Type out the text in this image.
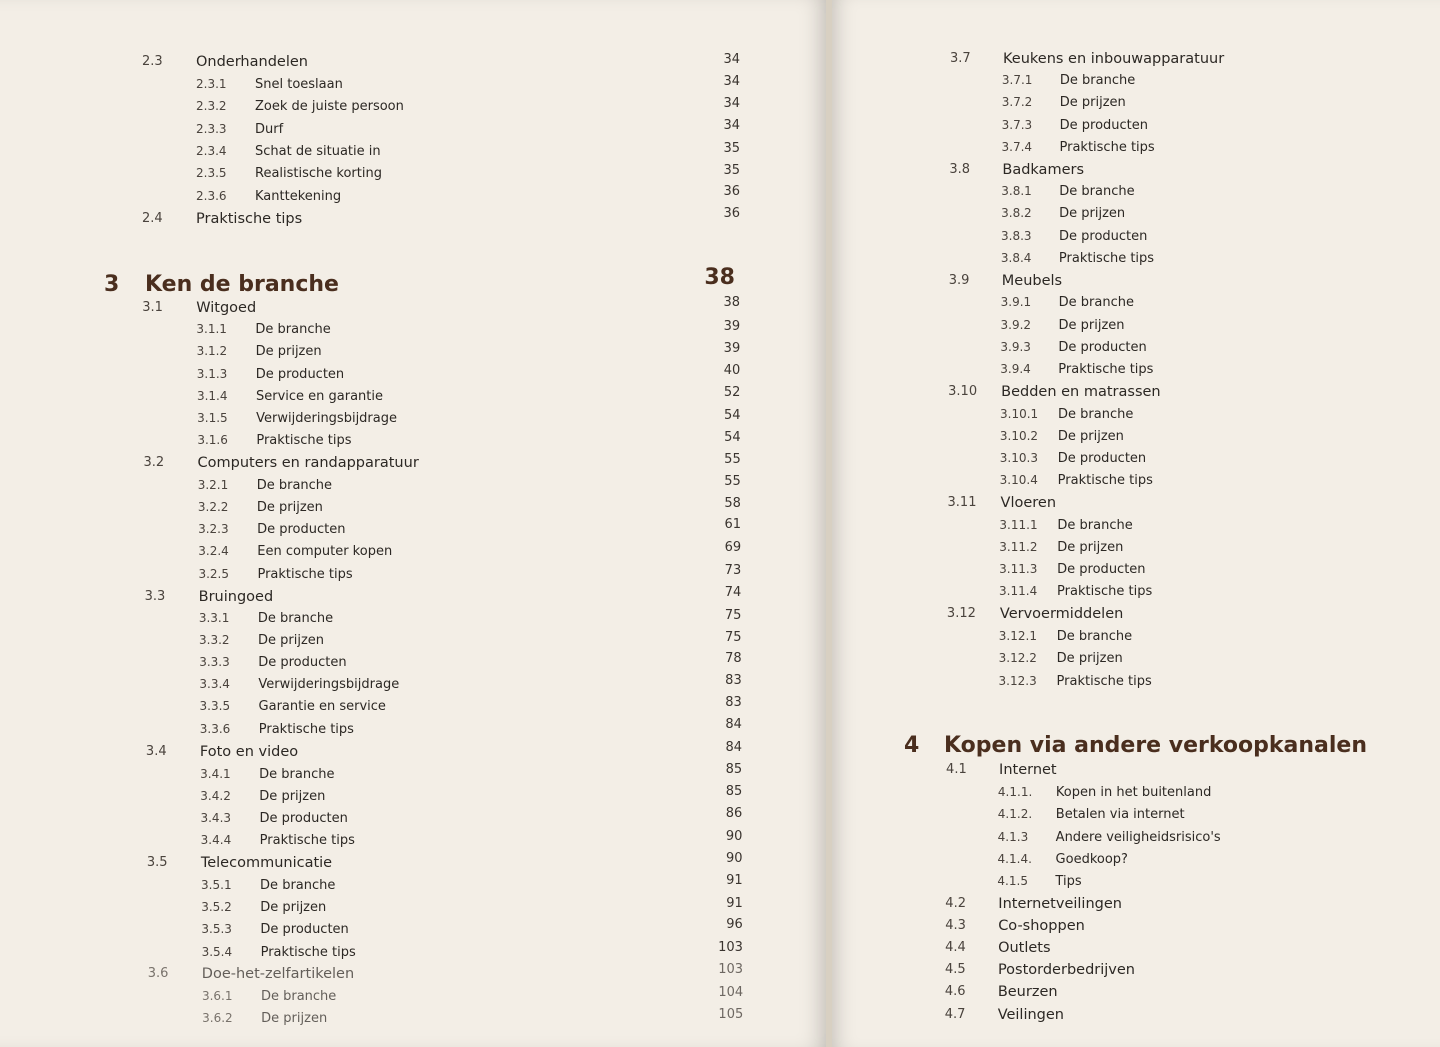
2.3 Onderhandelen	34
2.3.1 Snel toeslaan	34
2.3.2 Zoek de juiste persoon	34
2.3.3 Durf	34
2.3.4 Schat de situatie in	35
2.3.5 Realistische korting	35
2.3.6 Kanttekening	36
2.4 Praktische tips	36
3 Ken de branche	38
3.1 Witgoed	38
3.1.1 De branche	39
3.1.2 De prijzen	39
3.1.3 De producten	40
3.1.4 Service en garantie	52
3.1.5 Verwijderingsbijdrage	54
3.1.6 Praktische tips	54
3.2 Computers en randapparatuur	55
3.2.1 De branche	55
3.2.2 De prijzen	58
3.2.3 De producten	61
3.2.4 Een computer kopen	69
3.2.5 Praktische tips	73
3.3 Bruingoed	74
3.3.1 De branche	75
3.3.2 De prijzen	75
3.3.3 De producten	78
3.3.4 Verwijderingsbijdrage	83
3.3.5 Garantie en service	83
3.3.6 Praktische tips	84
3.4 Foto en video	84
3.4.1 De branche	85
3.4.2 De prijzen	85
3.4.3 De producten	86
3.4.4 Praktische tips	90
3.5 Telecommunicatie	90
3.5.1 De branche	91
3.5.2 De prijzen	91
3.5.3 De producten	96
3.5.4 Praktische tips	103
3.6 Doe-het-zelfartikelen	103
3.6.1 De branche	104
3.6.2 De prijzen	105
3.7 Keukens en inbouwapparatuur
3.7.1 De branche
3.7.2 De prijzen
3.7.3 De producten
3.7.4 Praktische tips
3.8 Badkamers
3.8.1 De branche
3.8.2 De prijzen
3.8.3 De producten
3.8.4 Praktische tips
3.9 Meubels
3.9.1 De branche
3.9.2 De prijzen
3.9.3 De producten
3.9.4 Praktische tips
3.10 Bedden en matrassen
3.10.1 De branche
3.10.2 De prijzen
3.10.3 De producten
3.10.4 Praktische tips
3.11 Vloeren
3.11.1 De branche
3.11.2 De prijzen
3.11.3 De producten
3.11.4 Praktische tips
3.12 Vervoermiddelen
3.12.1 De branche
3.12.2 De prijzen
3.12.3 Praktische tips
4 Kopen via andere verkoopkanalen
4.1 Internet
4.1.1. Kopen in het buitenland
4.1.2. Betalen via internet
4.1.3 Andere veiligheidsrisico's
4.1.4. Goedkoop?
4.1.5 Tips
4.2 Internetveilingen
4.3 Co-shoppen
4.4 Outlets
4.5 Postorderbedrijven
4.6 Beurzen
4.7 Veilingen
